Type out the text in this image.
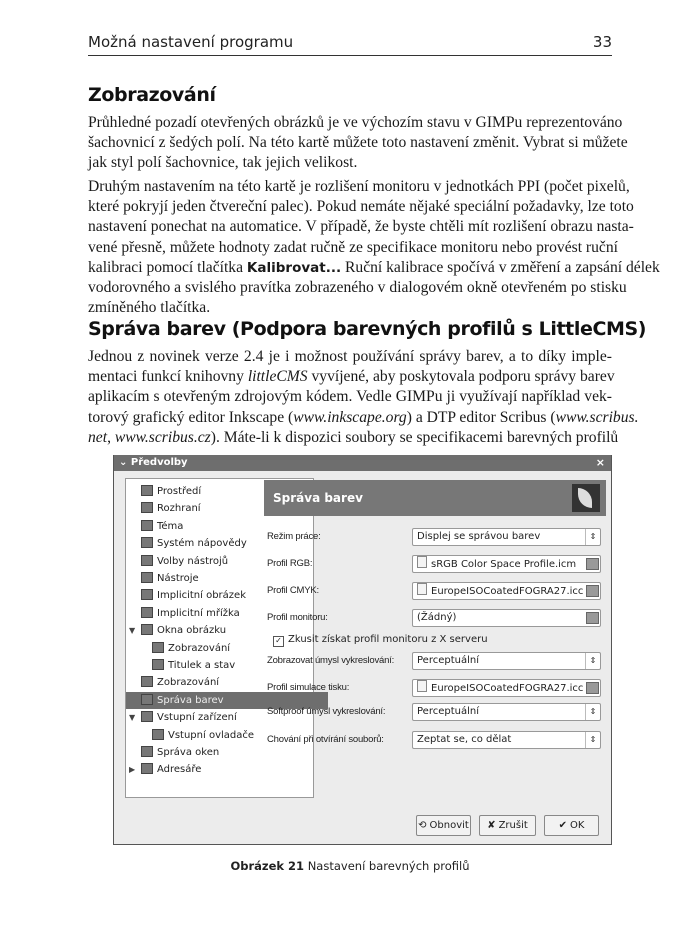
Možná nastavení programu	33
Zobrazování
Průhledné pozadí otevřených obrázků je ve výchozím stavu v GIMPu reprezentováno
šachovnicí z šedých polí. Na této kartě můžete toto nastavení změnit. Vybrat si můžete
jak styl polí šachovnice, tak jejich velikost.
Druhým nastavením na této kartě je rozlišení monitoru v jednotkách PPI (počet pixelů,
které pokryjí jeden čtvereční palec). Pokud nemáte nějaké speciální požadavky, lze toto
nastavení ponechat na automatice. V případě, že byste chtěli mít rozlišení obrazu nasta-
vené přesně, můžete hodnoty zadat ručně ze specifikace monitoru nebo provést ruční
kalibraci pomocí tlačítka Kalibrovat... Ruční kalibrace spočívá v změření a zapsání délek
vodorovného a svislého pravítka zobrazeného v dialogovém okně otevřeném po stisku
zmíněného tlačítka.
Správa barev (Podpora barevných profilů s LittleCMS)
Jednou z novinek verze 2.4 je i možnost používání správy barev, a to díky imple-
mentaci funkcí knihovny littleCMS vyvíjené, aby poskytovala podporu správy barev
aplikacím s otevřeným zdrojovým kódem. Vedle GIMPu ji využívají například vek-
torový grafický editor Inkscape (www.inkscape.org) a DTP editor Scribus (www.scribus.
net, www.scribus.cz). Máte-li k dispozici soubory se specifikacemi barevných profilů
⌄ Předvolby	×
Prostředí
Rozhraní
Téma
Systém nápovědy
Volby nástrojů
Nástroje
Implicitní obrázek
Implicitní mřížka
▼ Okna obrázku
Zobrazování
Titulek a stav
Zobrazování
Správa barev
▼ Vstupní zařízení
Vstupní ovladače
Správa oken
▶ Adresáře
Správa barev
Režim práce:	Displej se správou barev	⇕
Profil RGB:	sRGB Color Space Profile.icm
Profil CMYK:	EuropeISOCoatedFOGRA27.icc
Profil monitoru:	(Žádný)
Zobrazovat úmysl vykreslování:	Perceptuální	⇕
Profil simulace tisku:	EuropeISOCoatedFOGRA27.icc
Softproof úmysl vykreslování:	Perceptuální	⇕
Chování při otvírání souborů:	Zeptat se, co dělat	⇕
✓ Zkusit získat profil monitoru z X serveru
⟲ Obnovit	✘ Zrušit	✔ OK
Obrázek 21 Nastavení barevných profilů
